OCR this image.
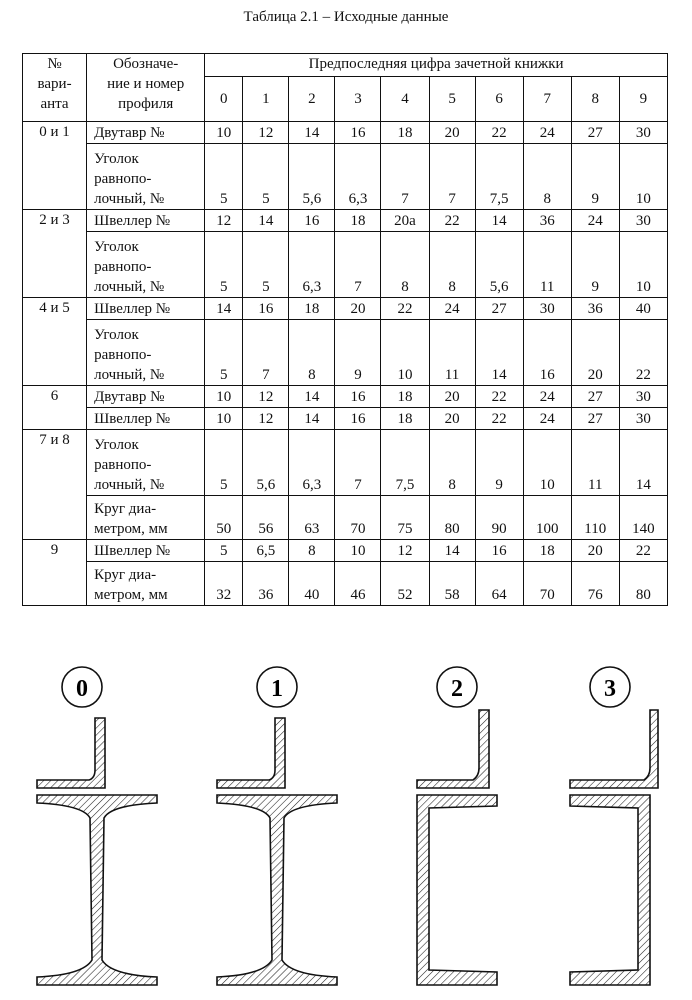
Таблица 2.1 – Исходные данные
№
вари-
анта	Обозначе-
ние и номер
профиля	Предпоследняя цифра зачетной книжки									
		0	1	2	3	4	5	6	7	8	9
0 и 1	Двутавр №	10	12	14	16	18	20	22	24	27	30
	Уголок
равнопо-
лочный, №	5	5	5,6	6,3	7	7	7,5	8	9	10
2 и 3	Швеллер №	12	14	16	18	20а	22	14	36	24	30
	Уголок
равнопо-
лочный, №	5	5	6,3	7	8	8	5,6	11	9	10
4 и 5	Швеллер №	14	16	18	20	22	24	27	30	36	40
	Уголок
равнопо-
лочный, №	5	7	8	9	10	11	14	16	20	22
6	Двутавр №	10	12	14	16	18	20	22	24	27	30
	Швеллер №	10	12	14	16	18	20	22	24	27	30
7 и 8	Уголок
равнопо-
лочный, №	5	5,6	6,3	7	7,5	8	9	10	11	14
	Круг диа-
метром, мм	50	56	63	70	75	80	90	100	110	140
9	Швеллер №	5	6,5	8	10	12	14	16	18	20	22
	Круг диа-
метром, мм	32	36	40	46	52	58	64	70	76	80
0	1	2	3
